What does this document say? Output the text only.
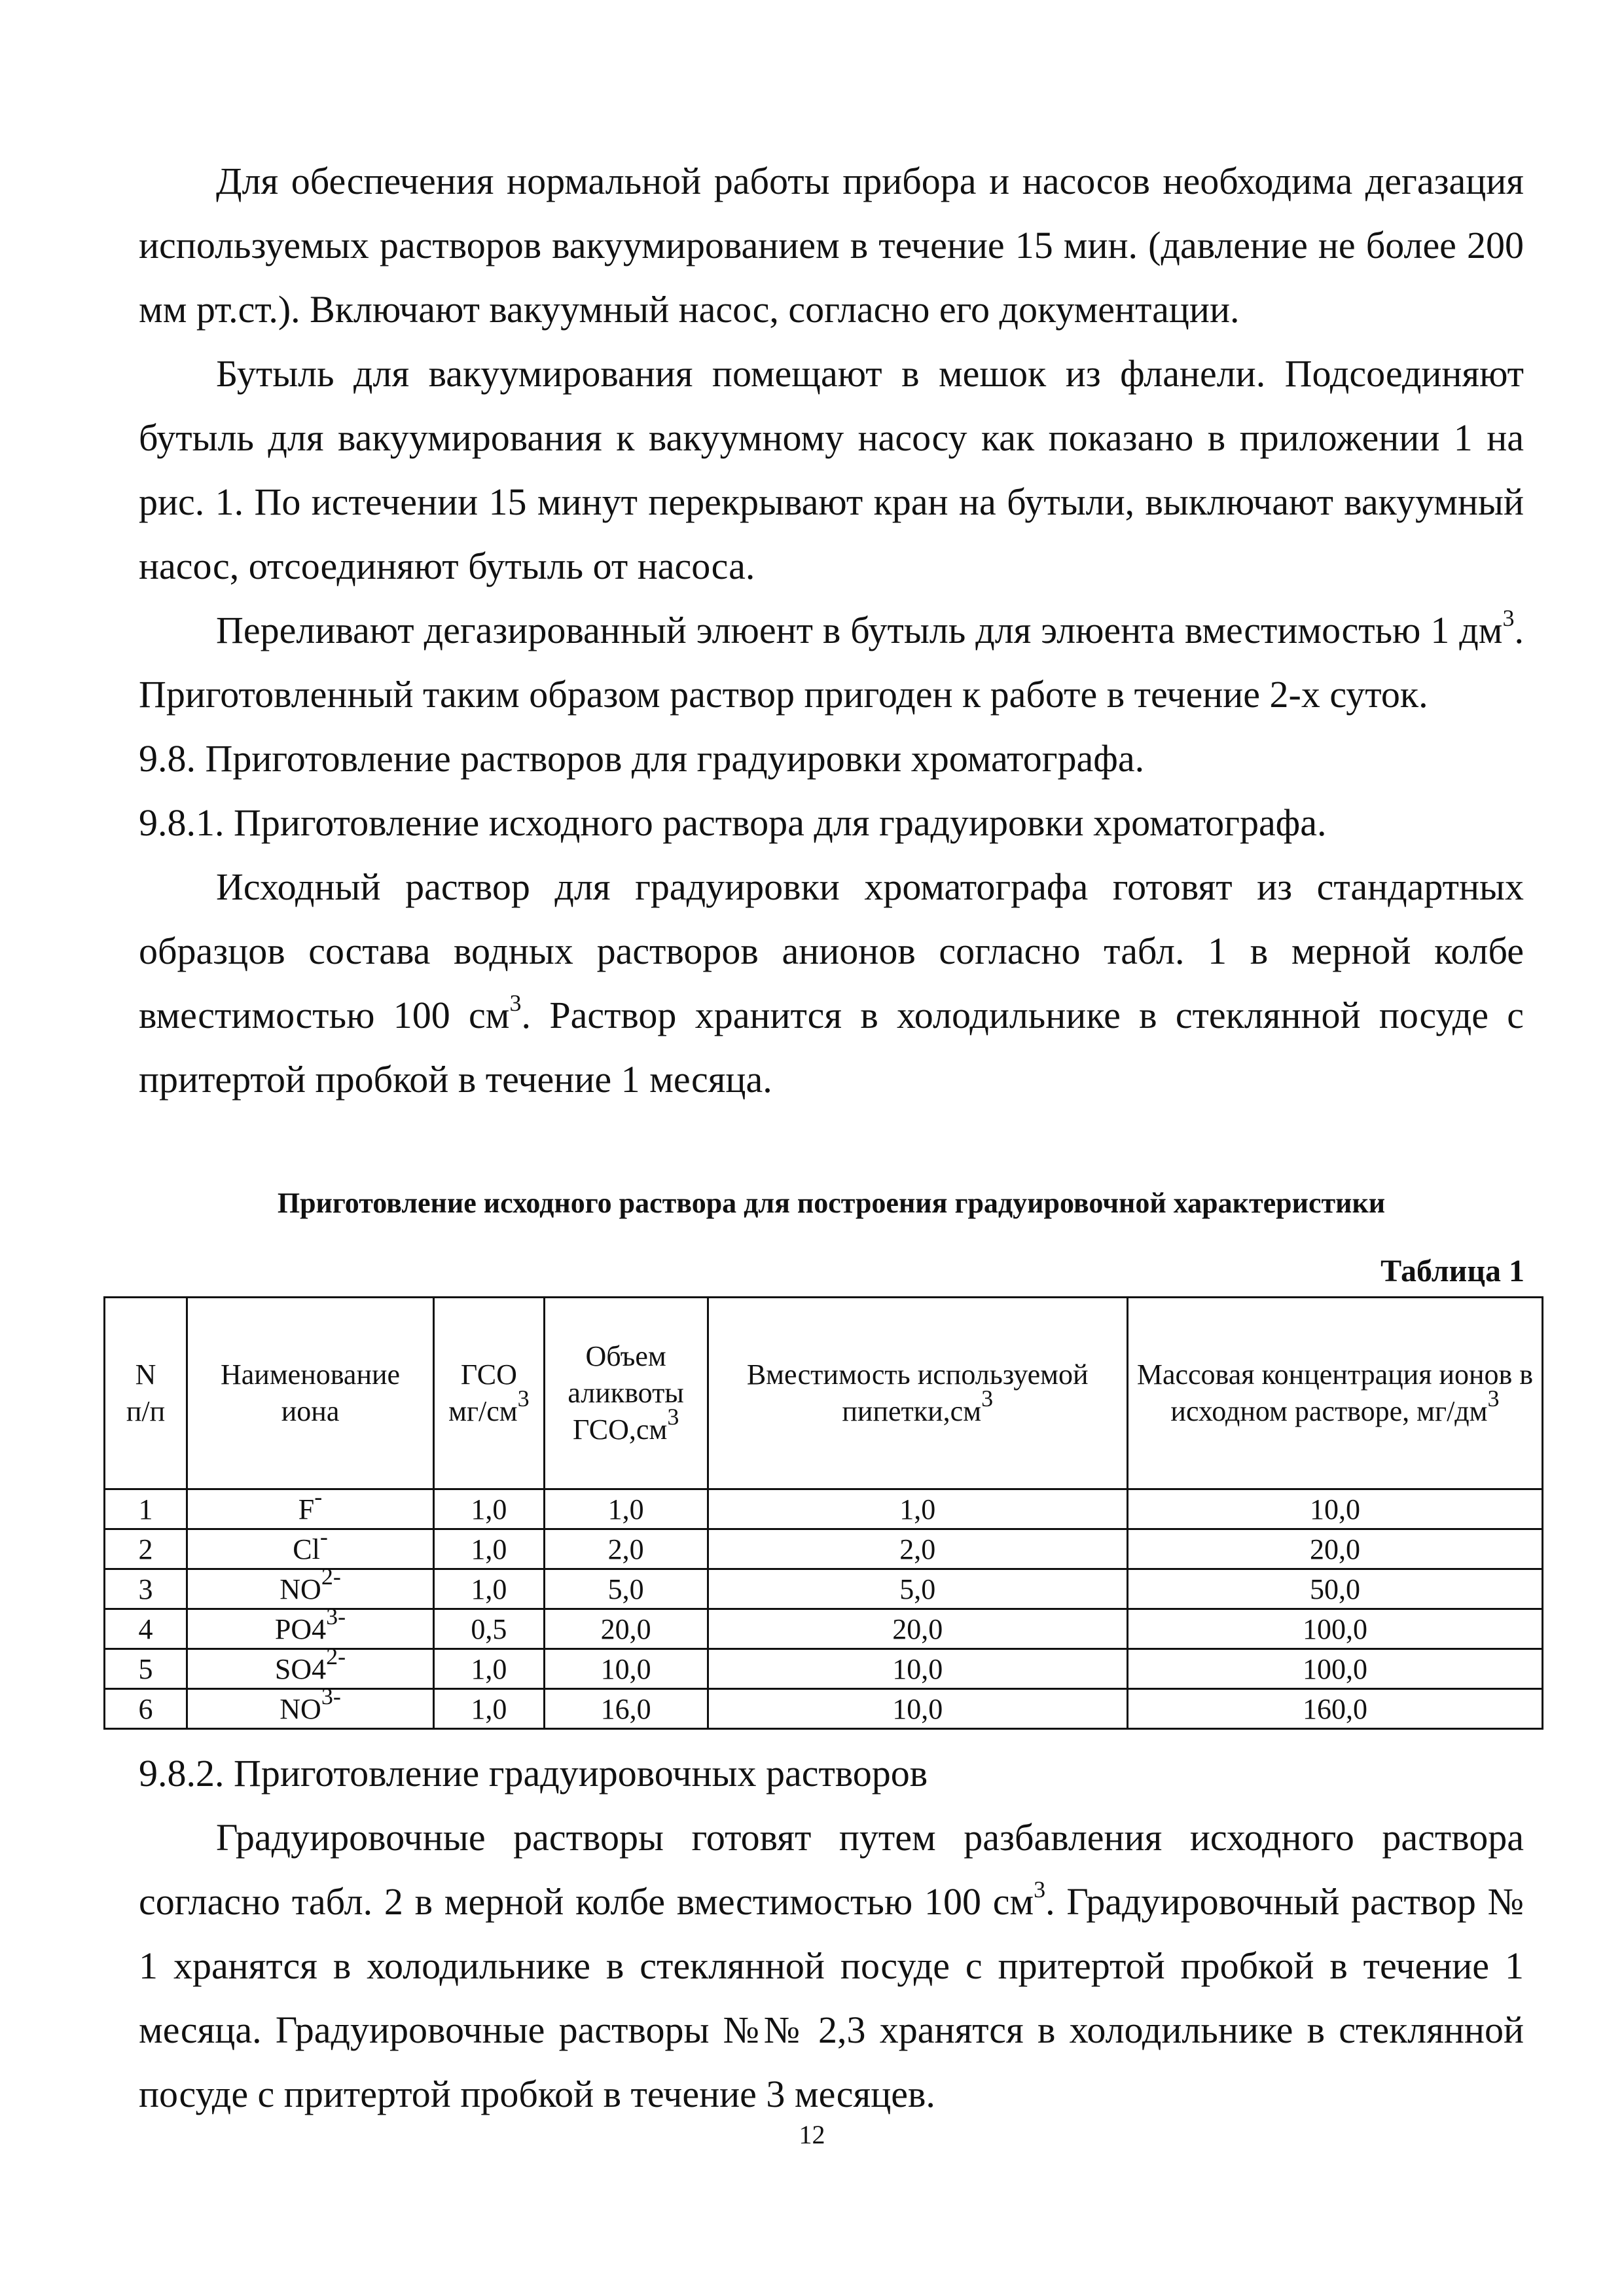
Для обеспечения нормальной работы прибора и насосов необходима дегазация используемых растворов вакуумированием в течение 15 мин. (давление не более 200 мм рт.ст.). Включают вакуумный насос, согласно его документации.

Бутыль для вакуумирования помещают в мешок из фланели. Подсоединяют бутыль для вакуумирования к вакуумному насосу как показано в приложении 1 на рис. 1. По истечении 15 минут перекрывают кран на бутыли, выключают вакуумный насос, отсоединяют бутыль от насоса.

Переливают дегазированный элюент в бутыль для элюента вместимостью 1 $дм^3$. Приготовленный таким образом раствор пригоден к работе в течение 2-х суток.

9.8. Приготовление растворов для градуировки хроматографа.

9.8.1. Приготовление исходного раствора для градуировки хроматографа.

Исходный раствор для градуировки хроматографа готовят из стандартных образцов состава водных растворов анионов согласно табл. 1 в мерной колбе вместимостью 100 $см^3$. Раствор хранится в холодильнике в стеклянной посуде с притертой пробкой в течение 1 месяца.

Приготовление исходного раствора для построения градуировочной характеристики
Таблица 1
N
п/п	Наименование иона	ГСО $мг/см^3$	Объем аликвоты $ГСО,см^3$	Вместимость используемой $пипетки,см^3$	Массовая концентрация ионов в исходном растворе, $мг/дм^3$
1	F-	1,0	1,0	1,0	10,0
2	Cl-	1,0	2,0	2,0	20,0
3	$NO^{2-}$	1,0	5,0	5,0	50,0
4	$PO4^{3-}$	0,5	20,0	20,0	100,0
5	$SO4^{2-}$	1,0	10,0	10,0	100,0
6	$NO^{3-}$	1,0	16,0	10,0	160,0

9.8.2. Приготовление градуировочных растворов

Градуировочные растворы готовят путем разбавления исходного раствора согласно табл. 2 в мерной колбе вместимостью 100 $см^3$. Градуировочный раствор № 1 хранятся в холодильнике в стеклянной посуде с притертой пробкой в течение 1 месяца. Градуировочные растворы №№ 2,3 хранятся в холодильнике в стеклянной посуде с притертой пробкой в течение 3 месяцев.

12
